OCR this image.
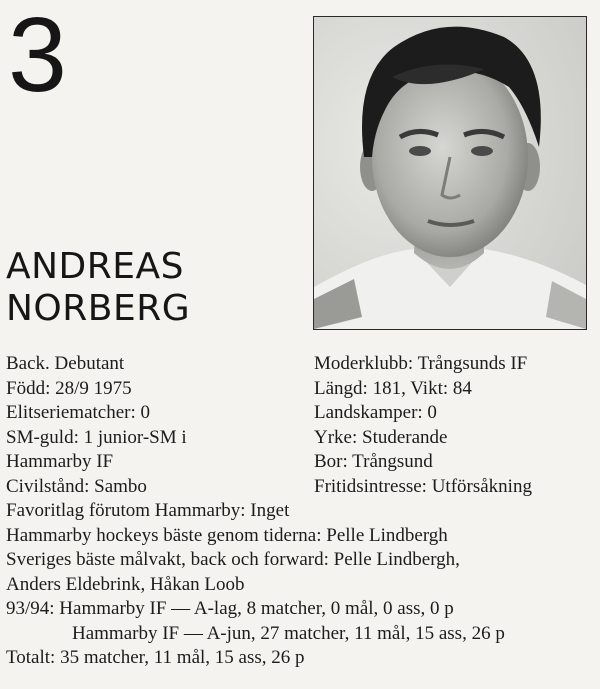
3
ANDREAS
NORBERG
Back. Debutant	Moderklubb: Trångsunds IF
Född: 28/9 1975	Längd: 181, Vikt: 84
Elitseriematcher: 0	Landskamper: 0
SM-guld: 1 junior-SM i	Yrke: Studerande
Hammarby IF	Bor: Trångsund
Civilstånd: Sambo	Fritidsintresse: Utförsåkning
Favoritlag förutom Hammarby: Inget
Hammarby hockeys bäste genom tiderna: Pelle Lindbergh
Sveriges bäste målvakt, back och forward: Pelle Lindbergh,
Anders Eldebrink, Håkan Loob
93/94: Hammarby IF — A-lag, 8 matcher, 0 mål, 0 ass, 0 p
Hammarby IF — A-jun, 27 matcher, 11 mål, 15 ass, 26 p
Totalt: 35 matcher, 11 mål, 15 ass, 26 p
